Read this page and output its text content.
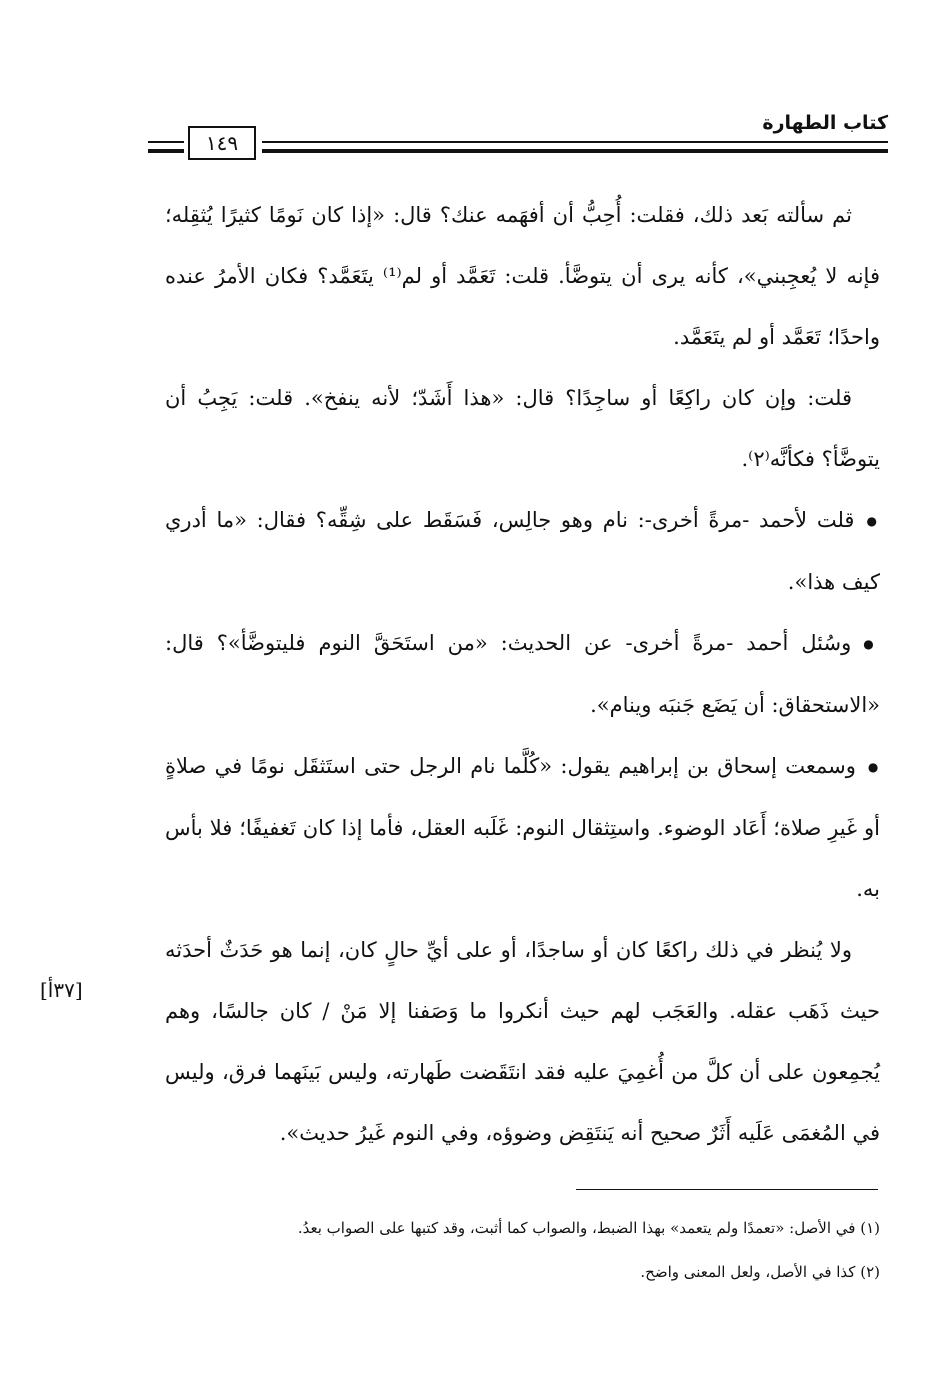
كتاب الطهارة
١٤٩

ثم سألته بَعد ذلك، فقلت: أُحِبُّ أن أفهَمه عنك؟ قال: «إذا كان نَومًا كثيرًا يُثقِله؛ فإنه لا يُعجِبني»، كأنه يرى أن يتوضَّأ. قلت: تَعَمَّد أو لم⁽¹⁾ يتَعَمَّد؟ فكان الأمرُ عنده واحدًا؛ تَعَمَّد أو لم يتَعَمَّد.

قلت: وإن كان راكِعًا أو ساجِدًا؟ قال: «هذا أَشَدّ؛ لأنه ينفخ». قلت: يَجِبُ أن يتوضَّأ؟ فكأنَّه⁽٢⁾.

● قلت لأحمد -مرةً أخرى-: نام وهو جالِس، فَسَقَط على شِقِّه؟ فقال: «ما أدري كيف هذا».

● وسُئل أحمد -مرةً أخرى- عن الحديث: «من استَحَقَّ النوم فليتوضَّأ»؟ قال: «الاستحقاق: أن يَضَع جَنبَه وينام».

● وسمعت إسحاق بن إبراهيم يقول: «كُلَّما نام الرجل حتى استَثقَل نومًا في صلاةٍ أو غَيرِ صلاة؛ أَعَاد الوضوء. واستِثقال النوم: غَلَبه العقل، فأما إذا كان تَغفيفًا؛ فلا بأس به.

ولا يُنظر في ذلك راكعًا كان أو ساجدًا، أو على أيِّ حالٍ كان، إنما هو حَدَثٌ أحدَثه حيث ذَهَب عقله. والعَجَب لهم حيث أنكروا ما وَصَفنا إلا مَنْ / كان جالسًا، وهم يُجمِعون على أن كلَّ من أُغمِيَ عليه فقد انتَقَضت طَهارته، وليس بَينَهما فرق، وليس في المُغمَى عَلَيه أَثَرٌ صحيح أنه يَنتَقِض وضوؤه، وفي النوم غَيرُ حديث».

[٣٧أ]

(١) في الأصل: «تعمدًا ولم يتعمد» بهذا الضبط، والصواب كما أثبت، وقد كتبها على الصواب بعدُ.

(٢) كذا في الأصل، ولعل المعنى واضح.
